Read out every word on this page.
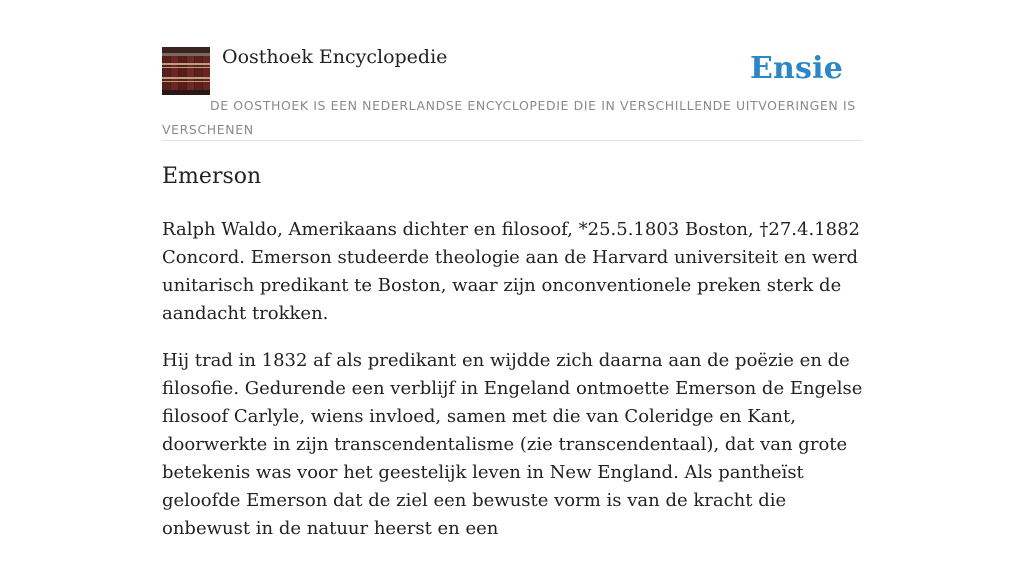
Oosthoek Encyclopedie	Ensie
DE OOSTHOEK IS EEN NEDERLANDSE ENCYCLOPEDIE DIE IN VERSCHILLENDE UITVOERINGEN IS VERSCHENEN
Emerson

Ralph Waldo, Amerikaans dichter en filosoof, *25.5.1803 Boston, †27.4.1882 Concord. Emerson studeerde theologie aan de Harvard universiteit en werd unitarisch predikant te Boston, waar zijn onconventionele preken sterk de aandacht trokken.

Hij trad in 1832 af als predikant en wijdde zich daarna aan de poëzie en de filosofie. Gedurende een verblijf in Engeland ontmoette Emerson de Engelse filosoof Carlyle, wiens invloed, samen met die van Coleridge en Kant, doorwerkte in zijn transcendentalisme (zie transcendentaal), dat van grote betekenis was voor het geestelijk leven in New England. Als pantheïst geloofde Emerson dat de ziel een bewuste vorm is van de kracht die onbewust in de natuur heerst en een
